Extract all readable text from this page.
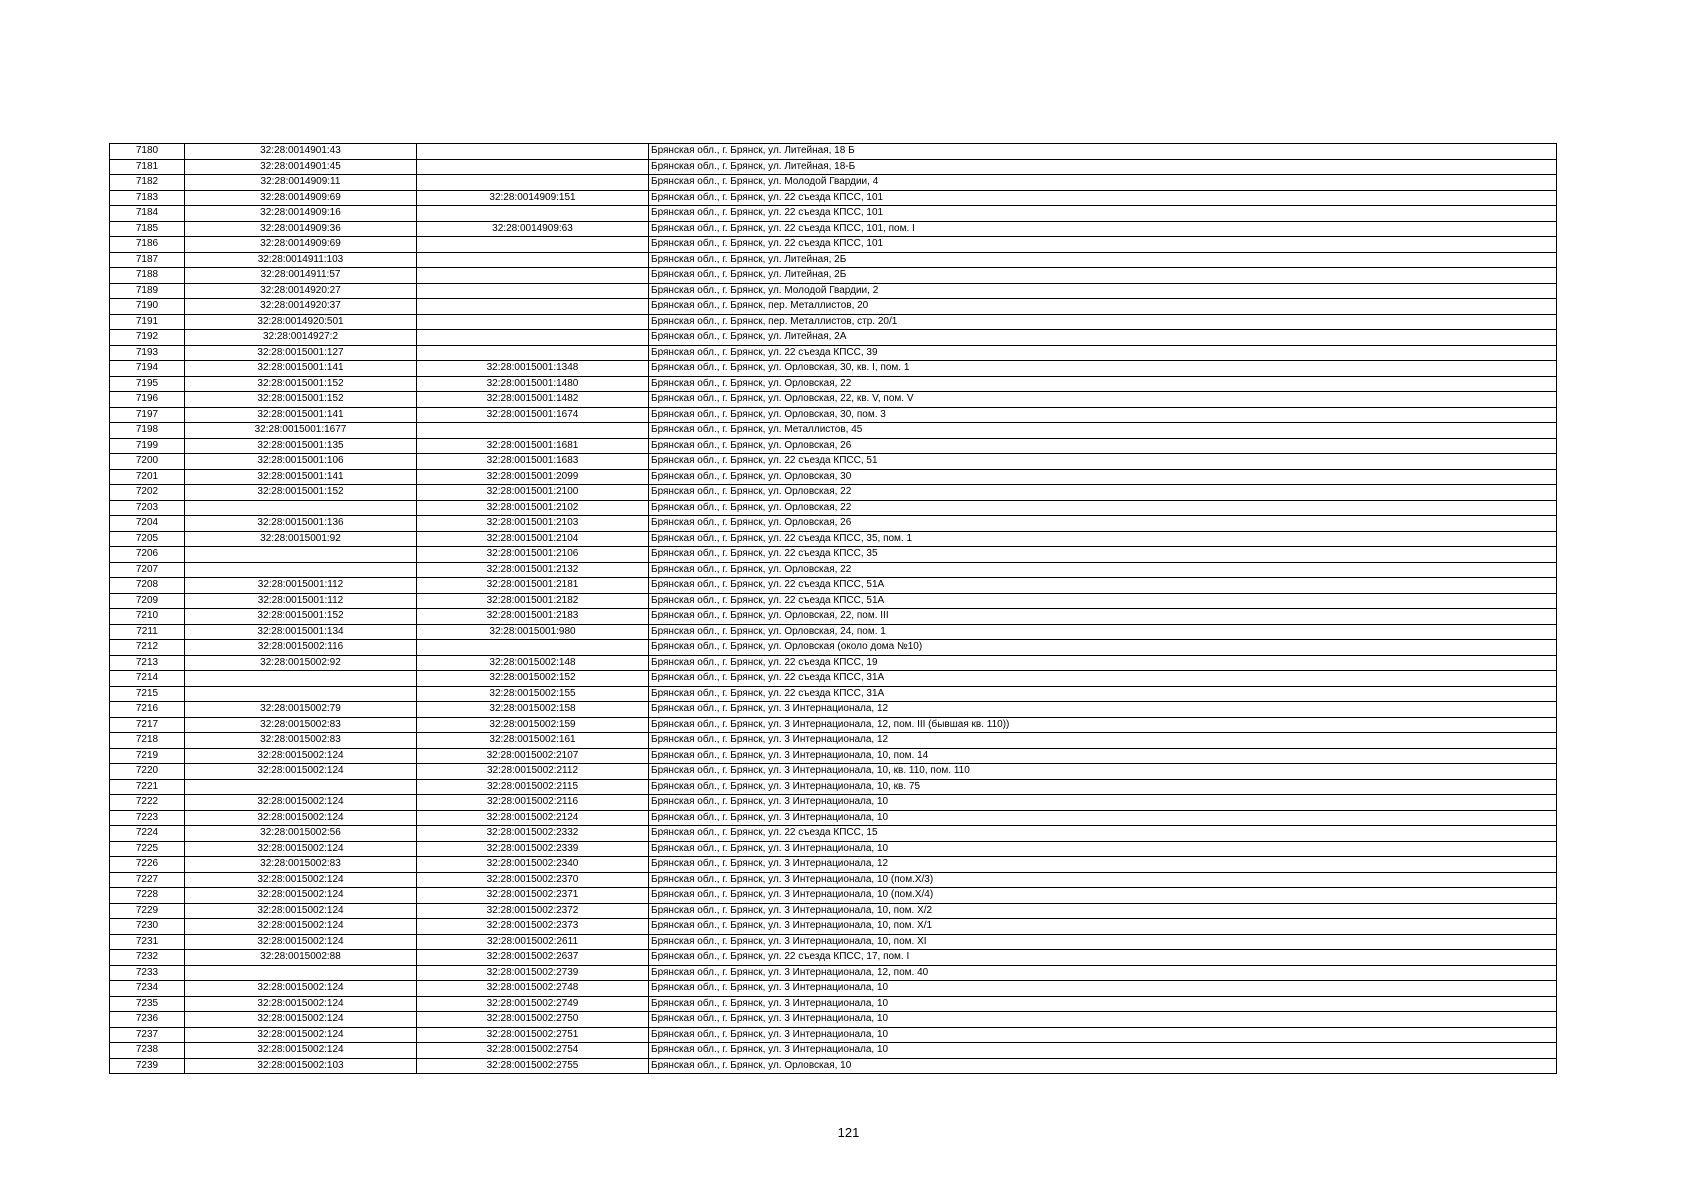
7180	32:28:0014901:43		Брянская обл., г. Брянск, ул. Литейная, 18 Б
7181	32:28:0014901:45		Брянская обл., г. Брянск, ул. Литейная, 18-Б
7182	32:28:0014909:11		Брянская обл., г. Брянск, ул. Молодой Гвардии, 4
7183	32:28:0014909:69	32:28:0014909:151	Брянская обл., г. Брянск, ул. 22 съезда КПСС, 101
7184	32:28:0014909:16		Брянская обл., г. Брянск, ул. 22 съезда КПСС, 101
7185	32:28:0014909:36	32:28:0014909:63	Брянская обл., г. Брянск, ул. 22 съезда КПСС, 101, пом. I
7186	32:28:0014909:69		Брянская обл., г. Брянск, ул. 22 съезда КПСС, 101
7187	32:28:0014911:103		Брянская обл., г. Брянск, ул. Литейная, 2Б
7188	32:28:0014911:57		Брянская обл., г. Брянск, ул. Литейная, 2Б
7189	32:28:0014920:27		Брянская обл., г. Брянск, ул. Молодой Гвардии, 2
7190	32:28:0014920:37		Брянская обл., г. Брянск, пер. Металлистов, 20
7191	32:28:0014920:501		Брянская обл., г. Брянск, пер. Металлистов, стр. 20/1
7192	32:28:0014927:2		Брянская обл., г. Брянск, ул. Литейная, 2А
7193	32:28:0015001:127		Брянская обл., г. Брянск, ул. 22 съезда КПСС, 39
7194	32:28:0015001:141	32:28:0015001:1348	Брянская обл., г. Брянск, ул. Орловская, 30, кв. I, пом. 1
7195	32:28:0015001:152	32:28:0015001:1480	Брянская обл., г. Брянск, ул. Орловская, 22
7196	32:28:0015001:152	32:28:0015001:1482	Брянская обл., г. Брянск, ул. Орловская, 22, кв. V, пом. V
7197	32:28:0015001:141	32:28:0015001:1674	Брянская обл., г. Брянск, ул. Орловская, 30, пом. 3
7198	32:28:0015001:1677		Брянская обл., г. Брянск, ул. Металлистов, 45
7199	32:28:0015001:135	32:28:0015001:1681	Брянская обл., г. Брянск, ул. Орловская, 26
7200	32:28:0015001:106	32:28:0015001:1683	Брянская обл., г. Брянск, ул. 22 съезда КПСС, 51
7201	32:28:0015001:141	32:28:0015001:2099	Брянская обл., г. Брянск, ул. Орловская, 30
7202	32:28:0015001:152	32:28:0015001:2100	Брянская обл., г. Брянск, ул. Орловская, 22
7203		32:28:0015001:2102	Брянская обл., г. Брянск, ул. Орловская, 22
7204	32:28:0015001:136	32:28:0015001:2103	Брянская обл., г. Брянск, ул. Орловская, 26
7205	32:28:0015001:92	32:28:0015001:2104	Брянская обл., г. Брянск, ул. 22 съезда КПСС, 35, пом. 1
7206		32:28:0015001:2106	Брянская обл., г. Брянск, ул. 22 съезда КПСС, 35
7207		32:28:0015001:2132	Брянская обл., г. Брянск, ул. Орловская, 22
7208	32:28:0015001:112	32:28:0015001:2181	Брянская обл., г. Брянск, ул. 22 съезда КПСС, 51А
7209	32:28:0015001:112	32:28:0015001:2182	Брянская обл., г. Брянск, ул. 22 съезда КПСС, 51А
7210	32:28:0015001:152	32:28:0015001:2183	Брянская обл., г. Брянск, ул. Орловская, 22, пом. III
7211	32:28:0015001:134	32:28:0015001:980	Брянская обл., г. Брянск, ул. Орловская, 24, пом. 1
7212	32:28:0015002:116		Брянская обл., г. Брянск, ул. Орловская (около дома №10)
7213	32:28:0015002:92	32:28:0015002:148	Брянская обл., г. Брянск, ул. 22 съезда КПСС, 19
7214		32:28:0015002:152	Брянская обл., г. Брянск, ул. 22 съезда КПСС, 31А
7215		32:28:0015002:155	Брянская обл., г. Брянск, ул. 22 съезда КПСС, 31А
7216	32:28:0015002:79	32:28:0015002:158	Брянская обл., г. Брянск, ул. 3 Интернационала, 12
7217	32:28:0015002:83	32:28:0015002:159	Брянская обл., г. Брянск, ул. 3 Интернационала, 12, пом. III (бывшая кв. 110))
7218	32:28:0015002:83	32:28:0015002:161	Брянская обл., г. Брянск, ул. 3 Интернационала, 12
7219	32:28:0015002:124	32:28:0015002:2107	Брянская обл., г. Брянск, ул. 3 Интернационала, 10, пом. 14
7220	32:28:0015002:124	32:28:0015002:2112	Брянская обл., г. Брянск, ул. 3 Интернационала, 10, кв. 110, пом. 110
7221		32:28:0015002:2115	Брянская обл., г. Брянск, ул. 3 Интернационала, 10, кв. 75
7222	32:28:0015002:124	32:28:0015002:2116	Брянская обл., г. Брянск, ул. 3 Интернационала, 10
7223	32:28:0015002:124	32:28:0015002:2124	Брянская обл., г. Брянск, ул. 3 Интернационала, 10
7224	32:28:0015002:56	32:28:0015002:2332	Брянская обл., г. Брянск, ул. 22 съезда КПСС, 15
7225	32:28:0015002:124	32:28:0015002:2339	Брянская обл., г. Брянск, ул. 3 Интернационала, 10
7226	32:28:0015002:83	32:28:0015002:2340	Брянская обл., г. Брянск, ул. 3 Интернационала, 12
7227	32:28:0015002:124	32:28:0015002:2370	Брянская обл., г. Брянск, ул. 3 Интернационала, 10 (пом.Х/3)
7228	32:28:0015002:124	32:28:0015002:2371	Брянская обл., г. Брянск, ул. 3 Интернационала, 10 (пом.Х/4)
7229	32:28:0015002:124	32:28:0015002:2372	Брянская обл., г. Брянск, ул. 3 Интернационала, 10, пом. Х/2
7230	32:28:0015002:124	32:28:0015002:2373	Брянская обл., г. Брянск, ул. 3 Интернационала, 10, пом. Х/1
7231	32:28:0015002:124	32:28:0015002:2611	Брянская обл., г. Брянск, ул. 3 Интернационала, 10, пом. XI
7232	32:28:0015002:88	32:28:0015002:2637	Брянская обл., г. Брянск, ул. 22 съезда КПСС, 17, пом. I
7233		32:28:0015002:2739	Брянская обл., г. Брянск, ул. 3 Интернационала, 12, пом. 40
7234	32:28:0015002:124	32:28:0015002:2748	Брянская обл., г. Брянск, ул. 3 Интернационала, 10
7235	32:28:0015002:124	32:28:0015002:2749	Брянская обл., г. Брянск, ул. 3 Интернационала, 10
7236	32:28:0015002:124	32:28:0015002:2750	Брянская обл., г. Брянск, ул. 3 Интернационала, 10
7237	32:28:0015002:124	32:28:0015002:2751	Брянская обл., г. Брянск, ул. 3 Интернационала, 10
7238	32:28:0015002:124	32:28:0015002:2754	Брянская обл., г. Брянск, ул. 3 Интернационала, 10
7239	32:28:0015002:103	32:28:0015002:2755	Брянская обл., г. Брянск, ул. Орловская, 10
121
